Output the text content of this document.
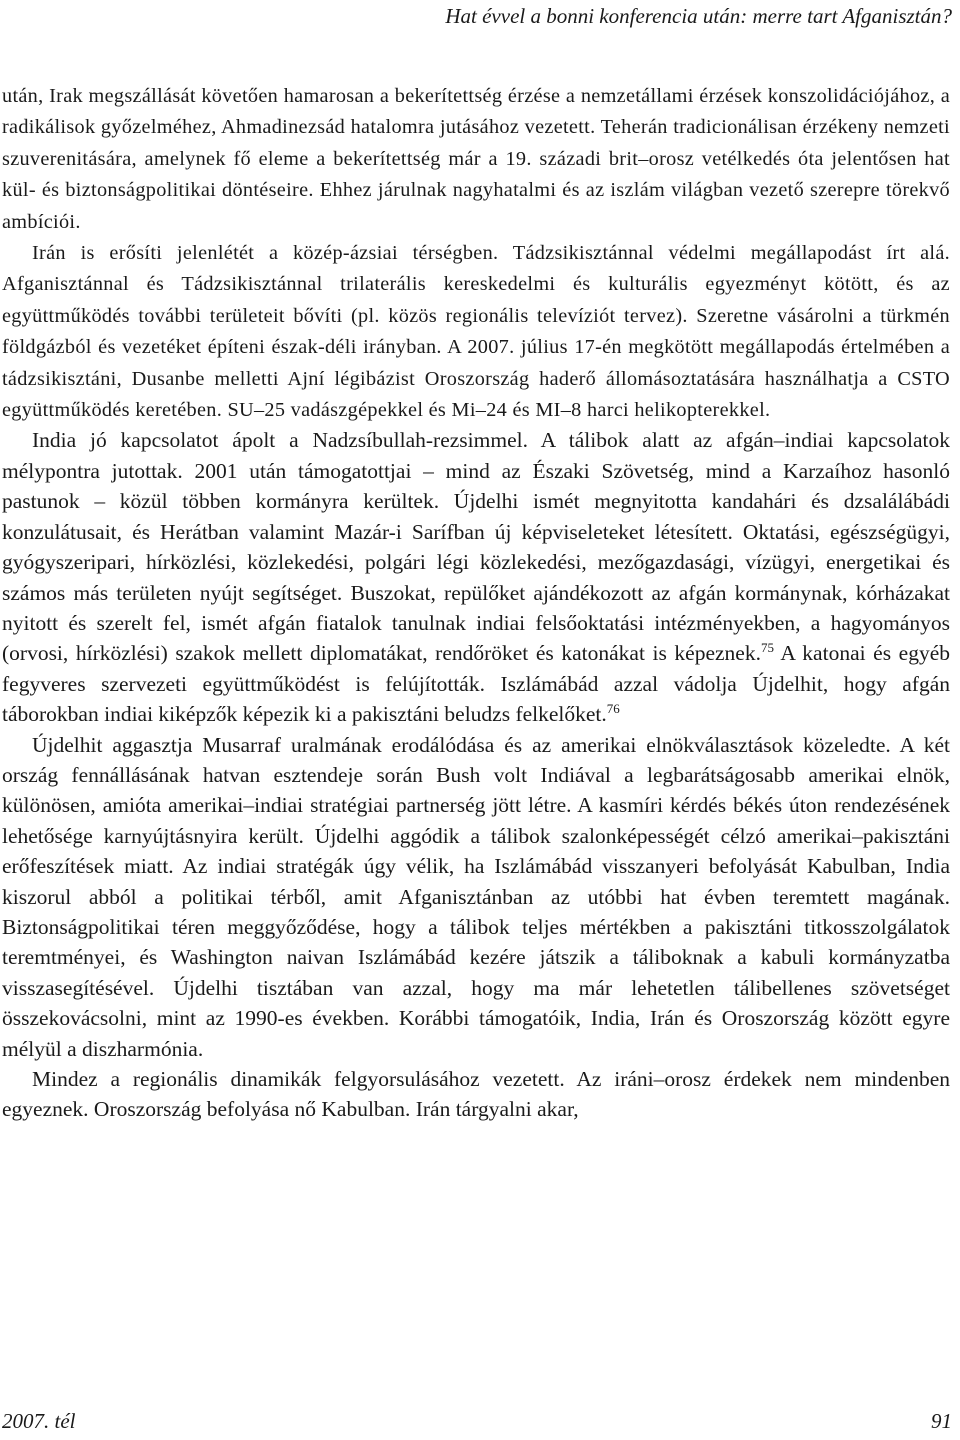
Hat évvel a bonni konferencia után: merre tart Afganisztán?

után, Irak megszállását követően hamarosan a bekerítettség érzése a nemzetállami érzések konszolidációjához, a radikálisok győzelméhez, Ahmadinezsád hatalomra jutásához vezetett. Teherán tradicionálisan érzékeny nemzeti szuverenitására, amelynek fő eleme a bekerítettség már a 19. századi brit–orosz vetélkedés óta jelentősen hat kül- és biztonságpolitikai döntéseire. Ehhez járulnak nagyhatalmi és az iszlám világban vezető szerepre törekvő ambíciói.

Irán is erősíti jelenlétét a közép-ázsiai térségben. Tádzsikisztánnal védelmi megállapodást írt alá. Afganisztánnal és Tádzsikisztánnal trilaterális kereskedelmi és kulturális egyezményt kötött, és az együttműködés további területeit bővíti (pl. közös regionális televíziót tervez). Szeretne vásárolni a türkmén földgázból és vezetéket építeni észak-déli irányban. A 2007. július 17-én megkötött megállapodás értelmében a tádzsikisztáni, Dusanbe melletti Ajní légibázist Oroszország haderő állomásoztatására használhatja a CSTO együttműködés keretében. SU–25 vadászgépekkel és Mi–24 és MI–8 harci helikopterekkel.

India jó kapcsolatot ápolt a Nadzsíbullah-rezsimmel. A tálibok alatt az afgán–indiai kapcsolatok mélypontra jutottak. 2001 után támogatottjai – mind az Északi Szövetség, mind a Karzaíhoz hasonló pastunok – közül többen kormányra kerültek. Újdelhi ismét megnyitotta kandahári és dzsalálábádi konzulátusait, és Herátban valamint Mazár-i Sarífban új képviseleteket létesített. Oktatási, egészségügyi, gyógyszeripari, hírközlési, közlekedési, polgári légi közlekedési, mezőgazdasági, vízügyi, energetikai és számos más területen nyújt segítséget. Buszokat, repülőket ajándékozott az afgán kormánynak, kórházakat nyitott és szerelt fel, ismét afgán fiatalok tanulnak indiai felsőoktatási intézményekben, a hagyományos (orvosi, hírközlési) szakok mellett diplomatákat, rendőröket és katonákat is képeznek.$^{75}$ A katonai és egyéb fegyveres szervezeti együttműködést is felújították. Iszlámábád azzal vádolja Újdelhit, hogy afgán táborokban indiai kiképzők képezik ki a pakisztáni beludzs felkelőket.$^{76}$

Újdelhit aggasztja Musarraf uralmának erodálódása és az amerikai elnökválasztások közeledte. A két ország fennállásának hatvan esztendeje során Bush volt Indiával a legbarátságosabb amerikai elnök, különösen, amióta amerikai–indiai stratégiai partnerség jött létre. A kasmíri kérdés békés úton rendezésének lehetősége karnyújtásnyira került. Újdelhi aggódik a tálibok szalonképességét célzó amerikai–pakisztáni erőfeszítések miatt. Az indiai stratégák úgy vélik, ha Iszlámábád visszanyeri befolyását Kabulban, India kiszorul abból a politikai térből, amit Afganisztánban az utóbbi hat évben teremtett magának. Biztonságpolitikai téren meggyőződése, hogy a tálibok teljes mértékben a pakisztáni titkosszolgálatok teremtményei, és Washington naivan Iszlámábád kezére játszik a táliboknak a kabuli kormányzatba visszasegítésével. Újdelhi tisztában van azzal, hogy ma már lehetetlen tálibellenes szövetséget összekovácsolni, mint az 1990-es években. Korábbi támogatóik, India, Irán és Oroszország között egyre mélyül a diszharmónia.

Mindez a regionális dinamikák felgyorsulásához vezetett. Az iráni–orosz érdekek nem mindenben egyeznek. Oroszország befolyása nő Kabulban. Irán tárgyalni akar,

2007. tél	91
